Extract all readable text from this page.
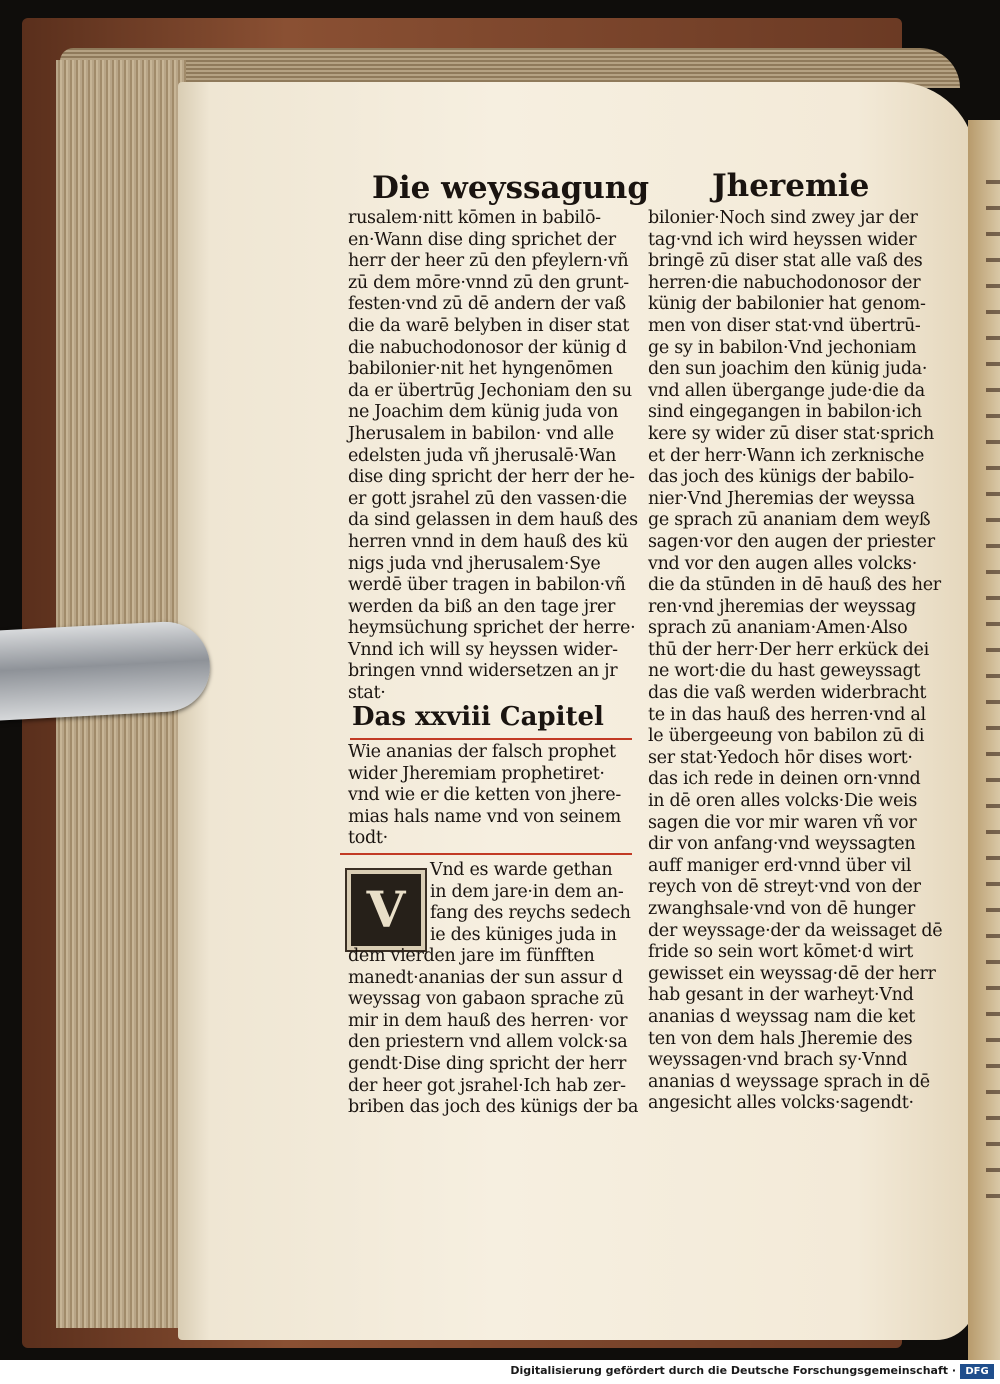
Die weyssagung Jheremie
rusalem·nitt kōmen in babilō-
en·Wann dise ding sprichet der
herr der heer zū den pfeylern·vñ
zū dem mōre·vnnd zū den grunt-
festen·vnd zū dē andern der vaß
die da warē belyben in diser stat
die nabuchodonosor der künig d
babilonier·nit het hyngenōmen
da er übertrūg Jechoniam den su
ne Joachim dem künig juda von
Jherusalem in babilon· vnd alle
edelsten juda vñ jherusalē·Wan
dise ding spricht der herr der he-
er gott jsrahel zū den vassen·die
da sind gelassen in dem hauß des
herren vnnd in dem hauß des kü
nigs juda vnd jherusalem·Sye
werdē über tragen in babilon·vñ
werden da biß an den tage jrer
heymsüchung sprichet der herre·
Vnnd ich will sy heyssen wider-
bringen vnnd widersetzen an jr
stat·
Das xxviii Capitel
Wie ananias der falsch prophet
wider Jheremiam prophetiret·
vnd wie er die ketten von jhere-
mias hals name vnd von seinem
todt·
V
Vnd es warde gethan
in dem jare·in dem an-
fang des reychs sedech
ie des küniges juda in
dem vierden jare im fünfften
manedt·ananias der sun assur d
weyssag von gabaon sprache zū
mir in dem hauß des herren· vor
den priestern vnd allem volck·sa
gendt·Dise ding spricht der herr
der heer got jsrahel·Ich hab zer-
briben das joch des künigs der ba
bilonier·Noch sind zwey jar der
tag·vnd ich wird heyssen wider
bringē zū diser stat alle vaß des
herren·die nabuchodonosor der
künig der babilonier hat genom-
men von diser stat·vnd übertrū-
ge sy in babilon·Vnd jechoniam
den sun joachim den künig juda·
vnd allen übergange jude·die da
sind eingegangen in babilon·ich
kere sy wider zū diser stat·sprich
et der herr·Wann ich zerknische
das joch des künigs der babilo-
nier·Vnd Jheremias der weyssa
ge sprach zū ananiam dem weyß
sagen·vor den augen der priester
vnd vor den augen alles volcks·
die da stūnden in dē hauß des her
ren·vnd jheremias der weyssag
sprach zū ananiam·Amen·Also
thū der herr·Der herr erkück dei
ne wort·die du hast geweyssagt
das die vaß werden widerbracht
te in das hauß des herren·vnd al
le übergeeung von babilon zū di
ser stat·Yedoch hōr dises wort·
das ich rede in deinen orn·vnnd
in dē oren alles volcks·Die weis
sagen die vor mir waren vñ vor
dir von anfang·vnd weyssagten
auff maniger erd·vnnd über vil
reych von dē streyt·vnd von der
zwanghsale·vnd von dē hunger
der weyssage·der da weissaget dē
fride so sein wort kōmet·d wirt
gewisset ein weyssag·dē der herr
hab gesant in der warheyt·Vnd
ananias d weyssag nam die ket
ten von dem hals Jheremie des
weyssagen·vnd brach sy·Vnnd
ananias d weyssage sprach in dē
angesicht alles volcks·sagendt·
Digitalisierung gefördert durch die Deutsche Forschungsgemeinschaft · DFG
